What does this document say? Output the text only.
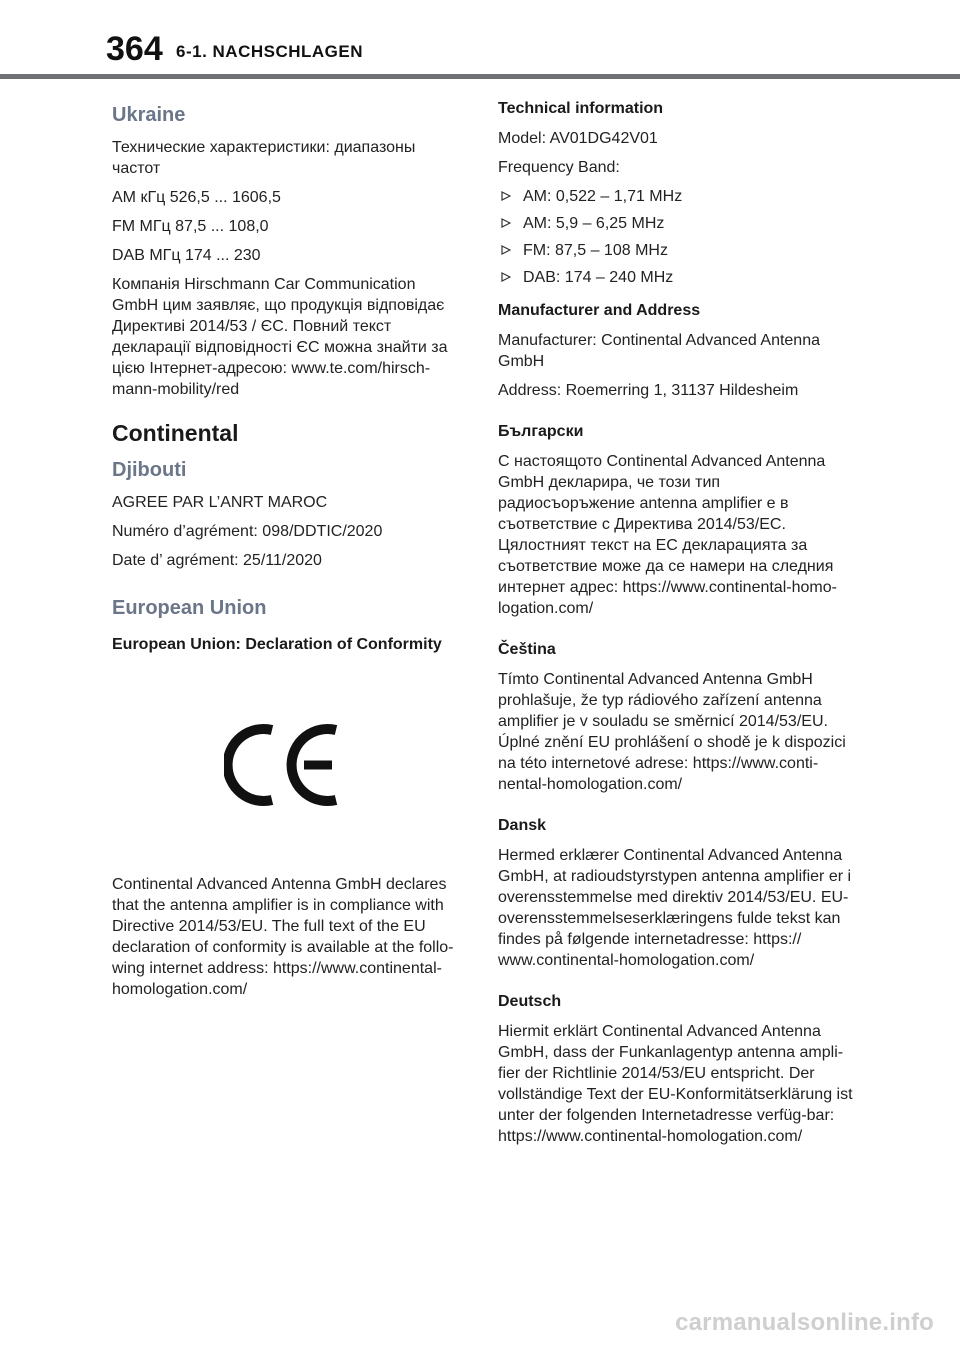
364 6-1. NACHSCHLAGEN
Ukraine

Технические характеристики: диапазоны частот

AM кГц 526,5 ... 1606,5

FM МГц 87,5 ... 108,0

DAB МГц 174 ... 230

Компанія Hirschmann Car Communication GmbH цим заявляє, що продукція відповідає Директиві 2014/53 / ЄС. Повний текст декларації відповідності ЄС можна знайти за цією Інтернет-адресою: www.te.com/hirsch-mann-mobility/red

Continental
Djibouti

AGREE PAR L’ANRT MAROC

Numéro d’agrément: 098/DDTIC/2020

Date d’ agrément: 25/11/2020

European Union
European Union: Declaration of Conformity

Continental Advanced Antenna GmbH declares that the antenna amplifier is in compliance with Directive 2014/53/EU. The full text of the EU declaration of conformity is available at the follo-wing internet address: https://www.continental-homologation.com/

Technical information

Model: AV01DG42V01

Frequency Band:

AM: 0,522 – 1,71 MHz
AM: 5,9 – 6,25 MHz
FM: 87,5 – 108 MHz
DAB: 174 – 240 MHz
Manufacturer and Address

Manufacturer: Continental Advanced Antenna GmbH

Address: Roemerring 1, 31137 Hildesheim

Български

С настоящото Continental Advanced Antenna GmbH декларира, че този тип радиосъоръжение antenna amplifier е в съответствие с Директива 2014/53/ЕС. Цялостният текст на ЕС декларацията за съответствие може да се намери на следния интернет адрес: https://www.continental-homo-logation.com/

Čeština

Tímto Continental Advanced Antenna GmbH prohlašuje, že typ rádiového zařízení antenna amplifier je v souladu se směrnicí 2014/53/EU. Úplné znění EU prohlášení o shodě je k dispozici na této internetové adrese: https://www.conti-nental-homologation.com/

Dansk

Hermed erklærer Continental Advanced Antenna GmbH, at radioudstyrstypen antenna amplifier er i overensstemmelse med direktiv 2014/53/EU. EU-overensstemmelseserklæringens fulde tekst kan findes på følgende internetadresse: https:// www.continental-homologation.com/

Deutsch

Hiermit erklärt Continental Advanced Antenna GmbH, dass der Funkanlagentyp antenna ampli-fier der Richtlinie 2014/53/EU entspricht. Der vollständige Text der EU-Konformitätserklärung ist unter der folgenden Internetadresse verfüg-bar: https://www.continental-homologation.com/

carmanualsonline.info
